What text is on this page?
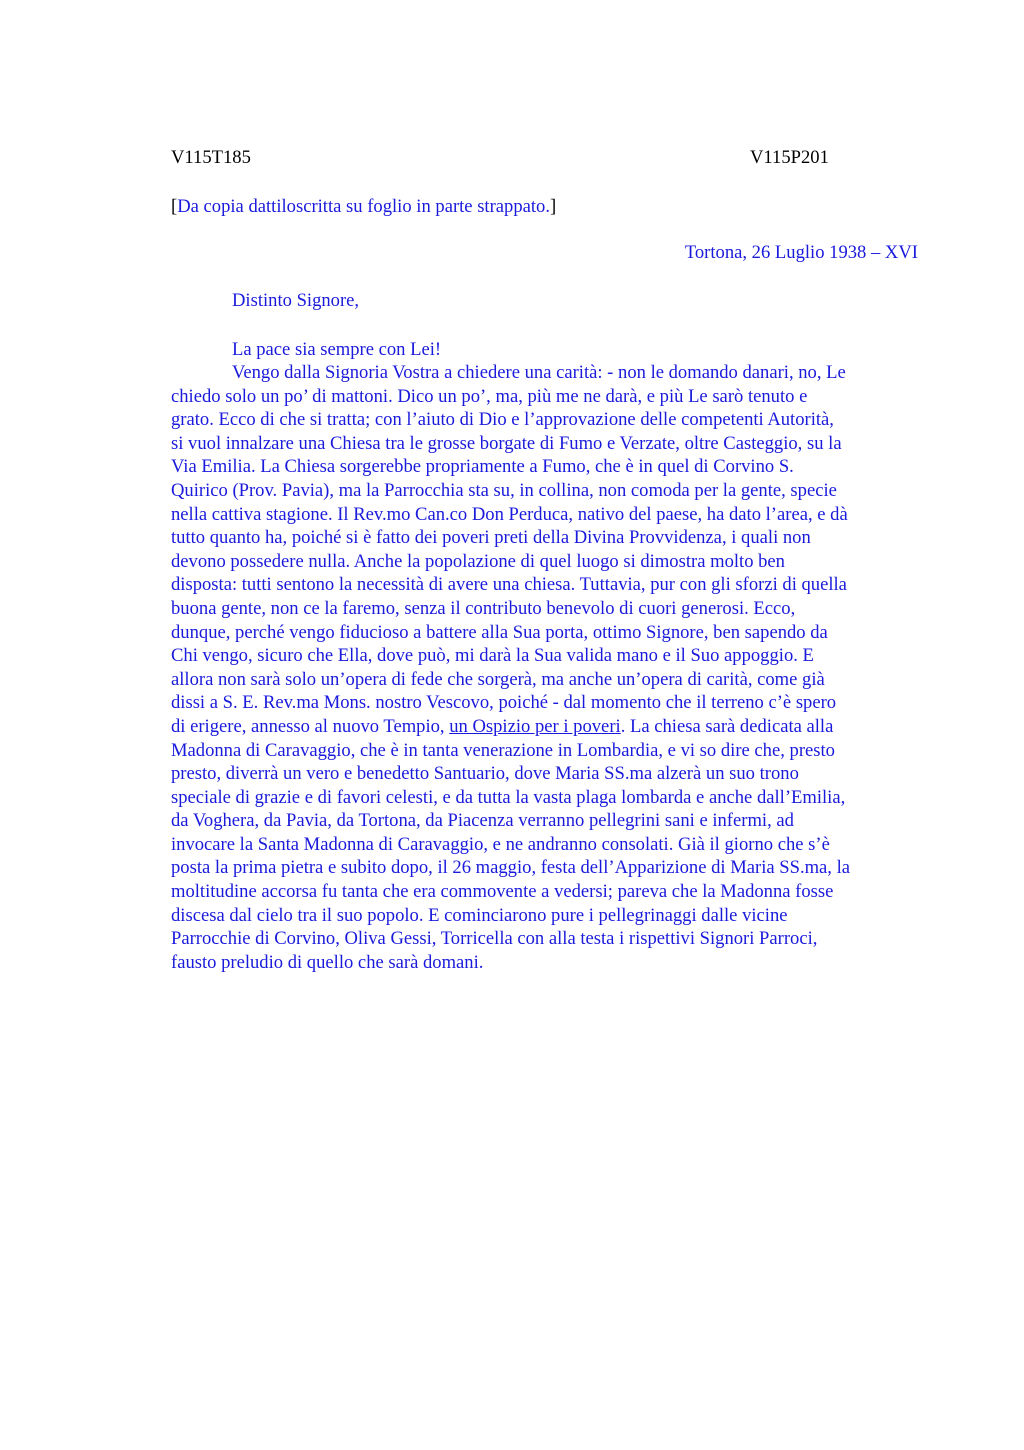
V115T185	V115P201
[Da copia dattiloscritta su foglio in parte strappato.]
Tortona, 26 Luglio 1938 – XVI
Distinto Signore,
La pace sia sempre con Lei!
Vengo dalla Signoria Vostra a chiedere una carità: - non le domando danari, no, Le
chiedo solo un po’ di mattoni. Dico un po’, ma, più me ne darà, e più Le sarò tenuto e
grato. Ecco di che si tratta; con l’aiuto di Dio e l’approvazione delle competenti Autorità,
si vuol innalzare una Chiesa tra le grosse borgate di Fumo e Verzate, oltre Casteggio, su la
Via Emilia. La Chiesa sorgerebbe propriamente a Fumo, che è in quel di Corvino S.
Quirico (Prov. Pavia), ma la Parrocchia sta su, in collina, non comoda per la gente, specie
nella cattiva stagione. Il Rev.mo Can.co Don Perduca, nativo del paese, ha dato l’area, e dà
tutto quanto ha, poiché si è fatto dei poveri preti della Divina Provvidenza, i quali non
devono possedere nulla. Anche la popolazione di quel luogo si dimostra molto ben
disposta: tutti sentono la necessità di avere una chiesa. Tuttavia, pur con gli sforzi di quella
buona gente, non ce la faremo, senza il contributo benevolo di cuori generosi. Ecco,
dunque, perché vengo fiducioso a battere alla Sua porta, ottimo Signore, ben sapendo da
Chi vengo, sicuro che Ella, dove può, mi darà la Sua valida mano e il Suo appoggio. E
allora non sarà solo un’opera di fede che sorgerà, ma anche un’opera di carità, come già
dissi a S. E. Rev.ma Mons. nostro Vescovo, poiché - dal momento che il terreno c’è spero
di erigere, annesso al nuovo Tempio, un Ospizio per i poveri. La chiesa sarà dedicata alla
Madonna di Caravaggio, che è in tanta venerazione in Lombardia, e vi so dire che, presto
presto, diverrà un vero e benedetto Santuario, dove Maria SS.ma alzerà un suo trono
speciale di grazie e di favori celesti, e da tutta la vasta plaga lombarda e anche dall’Emilia,
da Voghera, da Pavia, da Tortona, da Piacenza verranno pellegrini sani e infermi, ad
invocare la Santa Madonna di Caravaggio, e ne andranno consolati. Già il giorno che s’è
posta la prima pietra e subito dopo, il 26 maggio, festa dell’Apparizione di Maria SS.ma, la
moltitudine accorsa fu tanta che era commovente a vedersi; pareva che la Madonna fosse
discesa dal cielo tra il suo popolo. E cominciarono pure i pellegrinaggi dalle vicine
Parrocchie di Corvino, Oliva Gessi, Torricella con alla testa i rispettivi Signori Parroci,
fausto preludio di quello che sarà domani.
